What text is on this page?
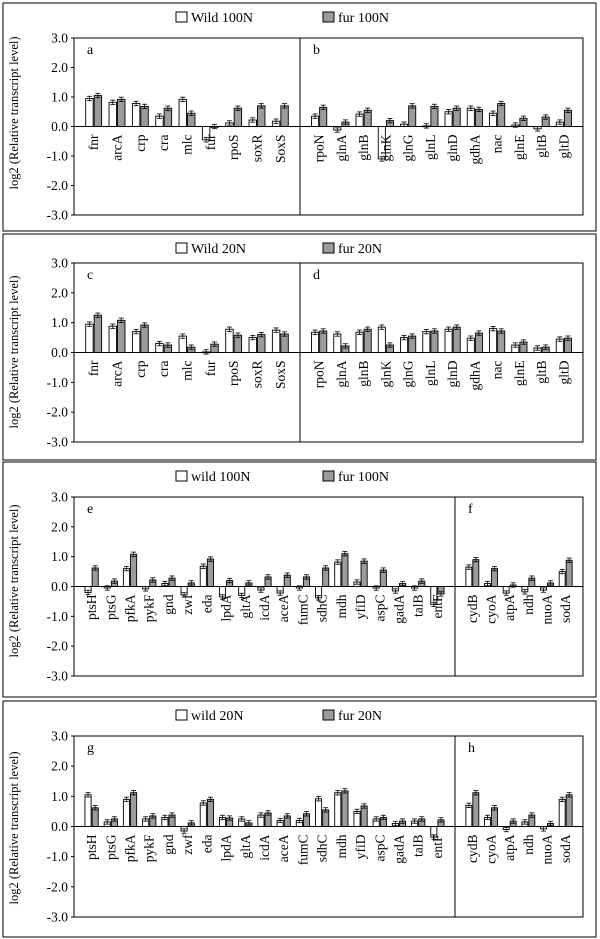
3.0
2.0
1.0
0.0
-1.0
-2.0
-3.0
log2 (Relative transcript level)
Wild 100N	fur 100N
a
fnr arcA crp cra mlc fur rpoS soxR SoxS
b
rpoN glnA glnB glnK glnG glnL glnD gdhA nac glnE gltB gltD
3.0
2.0
1.0
0.0
-1.0
-2.0
-3.0
log2 (Relative transcript level)
Wild 20N	fur 20N
c
fnr arcA crp cra mlc fur rpoS soxR SoxS
d
rpoN glnA glnB glnK glnG glnL glnD gdhA nac glnE gltB gltD
3.0
2.0
1.0
0.0
-1.0
-2.0
-3.0
log2 (Relative transcript level)
wild 100N	fur 100N
e
ptsH ptsG pfkA pykF gnd zwf eda lpdA gltA icdA aceA fumC sdhC mdh yfiD aspC gadA talB entF
f
cydB cyoA atpA ndh nuoA sodA
3.0
2.0
1.0
0.0
-1.0
-2.0
-3.0
log2 (Relative transcript level)
wild 20N	fur 20N
g
ptsH ptsG pfkA pykF gnd zwf eda lpdA gltA icdA aceA fumC sdhC mdh yfiD aspC gadA talB entF
h
cydB cyoA atpA ndh nuoA sodA
